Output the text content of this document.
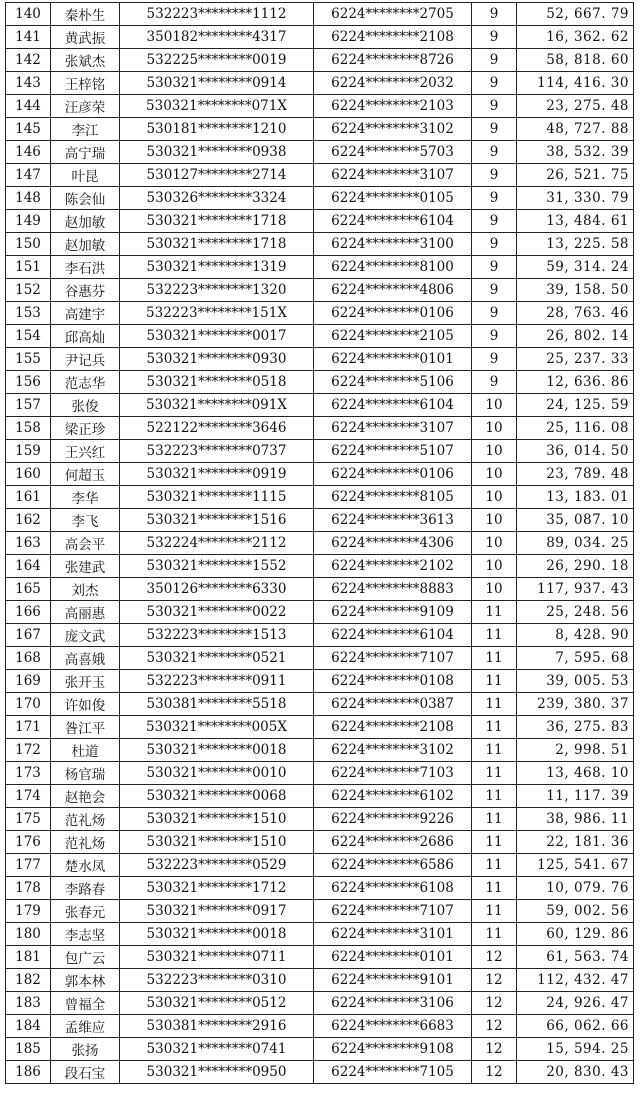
140	秦朴生	532223********1112	6224********2705	9	52, 667. 79
141	黄武振	350182********4317	6224********2108	9	16, 362. 62
142	张斌杰	532225********0019	6224********8726	9	58, 818. 60
143	王梓铭	530321********0914	6224********2032	9	114, 416. 30
144	汪彦荣	530321********071X	6224********2103	9	23, 275. 48
145	李江	530181********1210	6224********3102	9	48, 727. 88
146	高宁瑞	530321********0938	6224********5703	9	38, 532. 39
147	叶昆	530127********2714	6224********3107	9	26, 521. 75
148	陈会仙	530326********3324	6224********0105	9	31, 330. 79
149	赵加敏	530321********1718	6224********6104	9	13, 484. 61
150	赵加敏	530321********1718	6224********3100	9	13, 225. 58
151	李石洪	530321********1319	6224********8100	9	59, 314. 24
152	谷惠芬	532223********1320	6224********4806	9	39, 158. 50
153	高建宇	532223********151X	6224********0106	9	28, 763. 46
154	邱高灿	530321********0017	6224********2105	9	26, 802. 14
155	尹记兵	530321********0930	6224********0101	9	25, 237. 33
156	范志华	530321********0518	6224********5106	9	12, 636. 86
157	张俊	530321********091X	6224********6104	10	24, 125. 59
158	梁正珍	522122********3646	6224********3107	10	25, 116. 08
159	王兴红	532223********0737	6224********5107	10	36, 014. 50
160	何超玉	530321********0919	6224********0106	10	23, 789. 48
161	李华	530321********1115	6224********8105	10	13, 183. 01
162	李飞	530321********1516	6224********3613	10	35, 087. 10
163	高会平	532224********2112	6224********4306	10	89, 034. 25
164	张建武	530321********1552	6224********2102	10	26, 290. 18
165	刘杰	350126********6330	6224********8883	10	117, 937. 43
166	高丽惠	530321********0022	6224********9109	11	25, 248. 56
167	庞文武	532223********1513	6224********6104	11	8, 428. 90
168	高喜娥	530321********0521	6224********7107	11	7, 595. 68
169	张开玉	532223********0911	6224********0108	11	39, 005. 53
170	许如俊	530381********5518	6224********0387	11	239, 380. 37
171	昝江平	530321********005X	6224********2108	11	36, 275. 83
172	杜道	530321********0018	6224********3102	11	2, 998. 51
173	杨官瑞	530321********0010	6224********7103	11	13, 468. 10
174	赵艳会	530321********0068	6224********6102	11	11, 117. 39
175	范礼炀	530321********1510	6224********9226	11	38, 986. 11
176	范礼炀	530321********1510	6224********2686	11	22, 181. 36
177	楚水凤	532223********0529	6224********6586	11	125, 541. 67
178	李路春	530321********1712	6224********6108	11	10, 079. 76
179	张春元	530321********0917	6224********7107	11	59, 002. 56
180	李志坚	530321********0018	6224********3101	11	60, 129. 86
181	包广云	530321********0711	6224********0101	12	61, 563. 74
182	郭本林	532223********0310	6224********9101	12	112, 432. 47
183	曾福全	530321********0512	6224********3106	12	24, 926. 47
184	孟维应	530381********2916	6224********6683	12	66, 062. 66
185	张扬	530321********0741	6224********9108	12	15, 594. 25
186	段石宝	530321********0950	6224********7105	12	20, 830. 43
